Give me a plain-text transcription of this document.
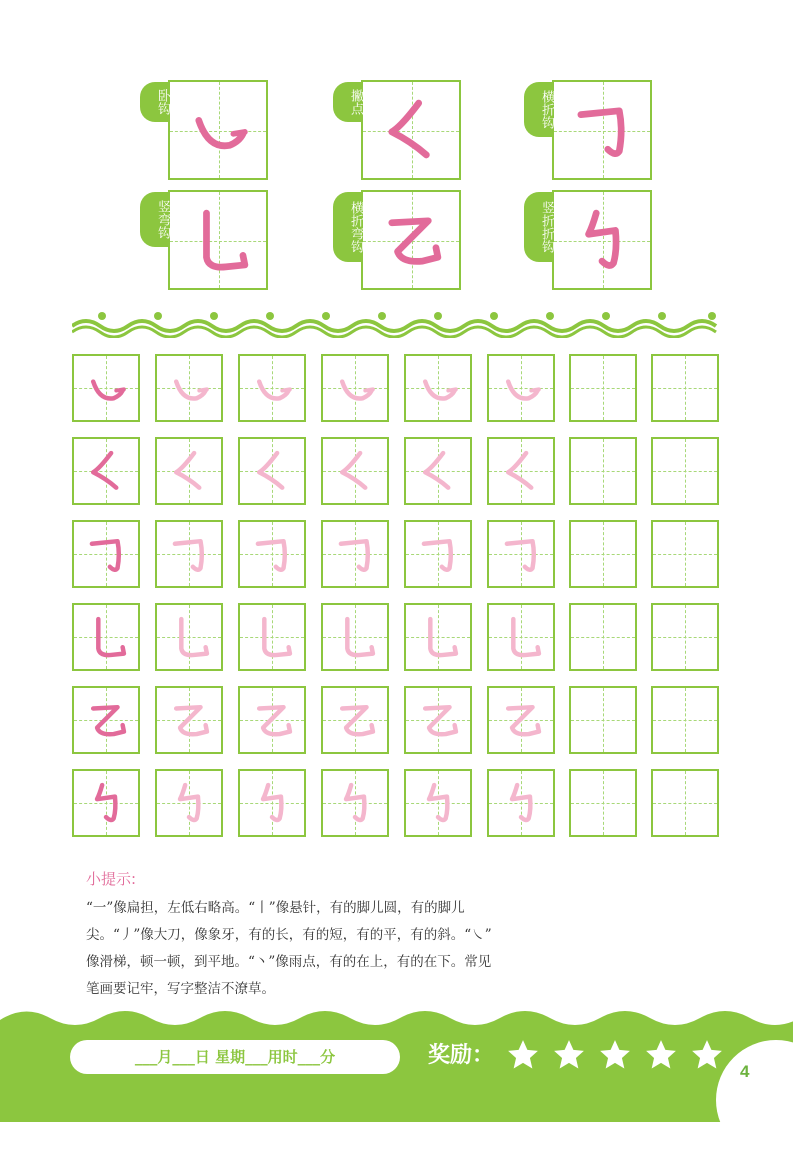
卧钩	撇点	横折钩
竖弯钩	横折弯钩	竖折折钩
小提示:
“一”像扁担，左低右略高。“丨”像悬针，有的脚儿圆，有的脚儿
尖。“丿”像大刀，像象牙，有的长，有的短，有的平，有的斜。“㇏”
像滑梯，顿一顿，到平地。“丶”像雨点，有的在上，有的在下。常见
笔画要记牢，写字整洁不潦草。
___月___日 星期___用时___分	奖励：
4
